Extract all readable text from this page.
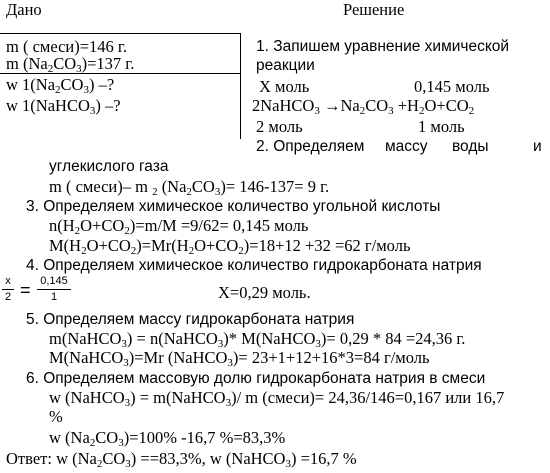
Дано	Решение
m ( смеси)=146 г.
m $(Na_2CO_3)=137$ г.
w $1(Na_2CO_3)$ –?
w 1(NaHCO$_3$) –?
1. Запишем уравнение химической
реакции
X моль	0,145 моль
2NaHCO$_3$ $\to Na_2CO_3 +H_2O+CO_2$
2 моль	1 моль
2. Определяем массу воды	и
углекислого газа
m ( смеси)– m $_2$ $(Na_2CO_3)= 146-137= 9$ г.
3. Определяем химическое количество угольной кислоты
$n(H_2O+CO_2)=m/M =9/62= 0,145$ моль
$M(H_2O+CO_2)=Mr(H_2O+CO_2)=18+12 +32 =62$ г/моль
4. Определяем химическое количество гидрокарбоната натрия
x
2 = 0,145
1	X=0,29 моль.
5. Определяем массу гидрокарбоната натрия
m(NaHCO$_3$) = n(NaHCO$_3$)* M(NaHCO$_3$)= 0,29 * 84 =24,36 г.
M(NaHCO$_3$)=Mr (NaHCO$_3$)= 23+1+12+16*3=84 г/моль
6. Определяем массовую долю гидрокарбоната натрия в смеси
w (NaHCO$_3$) = m(NaHCO$_3$)/ m (смеси)= 24,36/146=0,167 или 16,7
%
w $(Na_2CO_3)=100\%$ -16,7 %=83,3%
Ответ: w $(Na_2CO_3) ==83,3\%$, w (NaHCO$_3$) =16,7 %
